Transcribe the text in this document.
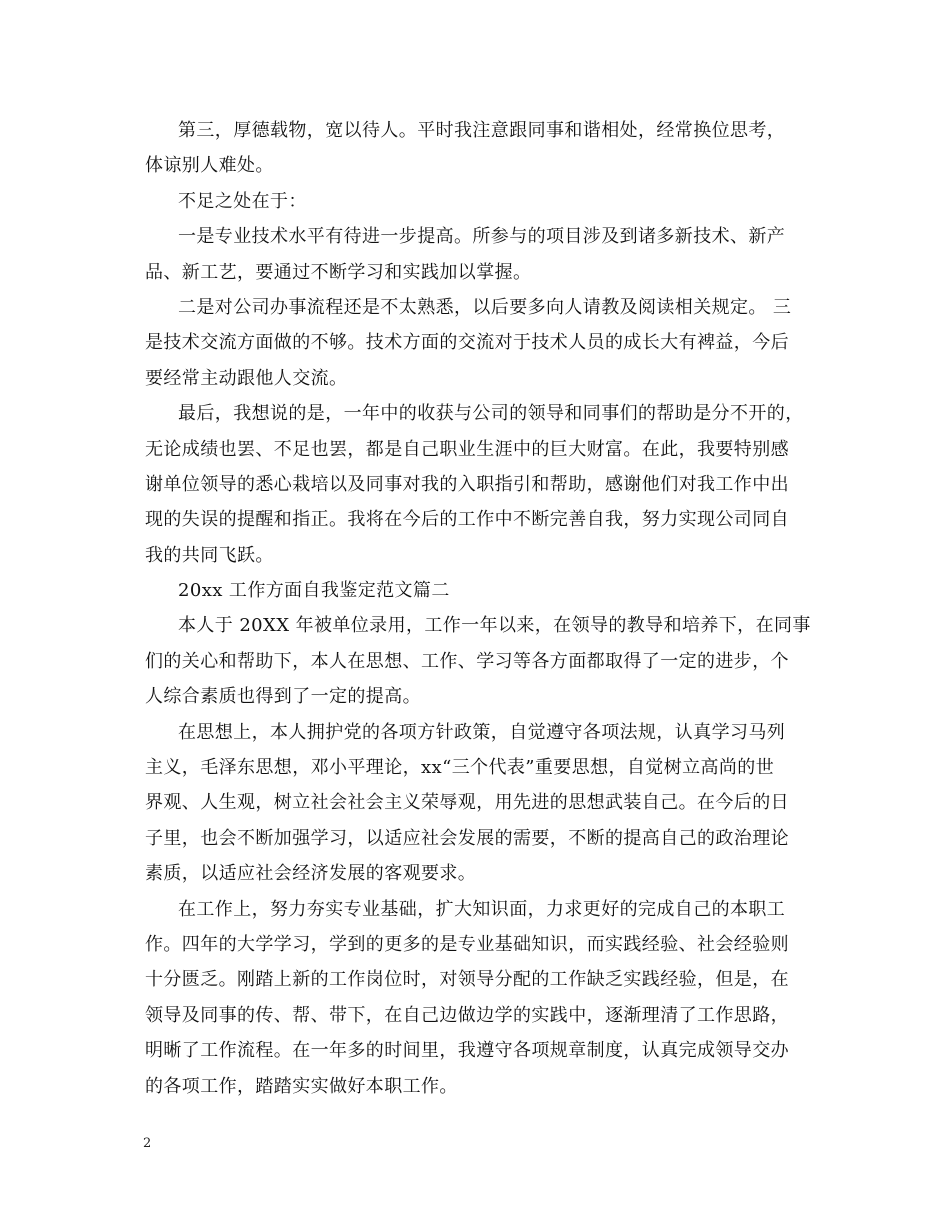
第三，厚德载物，宽以待人。平时我注意跟同事和谐相处，经常换位思考，
体谅别人难处。
不足之处在于：
一是专业技术水平有待进一步提高。所参与的项目涉及到诸多新技术、新产
品、新工艺，要通过不断学习和实践加以掌握。
二是对公司办事流程还是不太熟悉，以后要多向人请教及阅读相关规定。 三
是技术交流方面做的不够。技术方面的交流对于技术人员的成长大有裨益，今后
要经常主动跟他人交流。
最后，我想说的是，一年中的收获与公司的领导和同事们的帮助是分不开的，
无论成绩也罢、不足也罢，都是自己职业生涯中的巨大财富。在此，我要特别感
谢单位领导的悉心栽培以及同事对我的入职指引和帮助，感谢他们对我工作中出
现的失误的提醒和指正。我将在今后的工作中不断完善自我，努力实现公司同自
我的共同飞跃。
20xx 工作方面自我鉴定范文篇二
本人于 20XX 年被单位录用，工作一年以来，在领导的教导和培养下，在同事
们的关心和帮助下，本人在思想、工作、学习等各方面都取得了一定的进步，个
人综合素质也得到了一定的提高。
在思想上，本人拥护党的各项方针政策，自觉遵守各项法规，认真学习马列
主义，毛泽东思想，邓小平理论，xx“三个代表”重要思想，自觉树立高尚的世
界观、人生观，树立社会社会主义荣辱观，用先进的思想武装自己。在今后的日
子里，也会不断加强学习，以适应社会发展的需要，不断的提高自己的政治理论
素质，以适应社会经济发展的客观要求。
在工作上，努力夯实专业基础，扩大知识面，力求更好的完成自己的本职工
作。四年的大学学习，学到的更多的是专业基础知识，而实践经验、社会经验则
十分匮乏。刚踏上新的工作岗位时，对领导分配的工作缺乏实践经验，但是，在
领导及同事的传、帮、带下，在自己边做边学的实践中，逐渐理清了工作思路，
明晰了工作流程。在一年多的时间里，我遵守各项规章制度，认真完成领导交办
的各项工作，踏踏实实做好本职工作。
2
